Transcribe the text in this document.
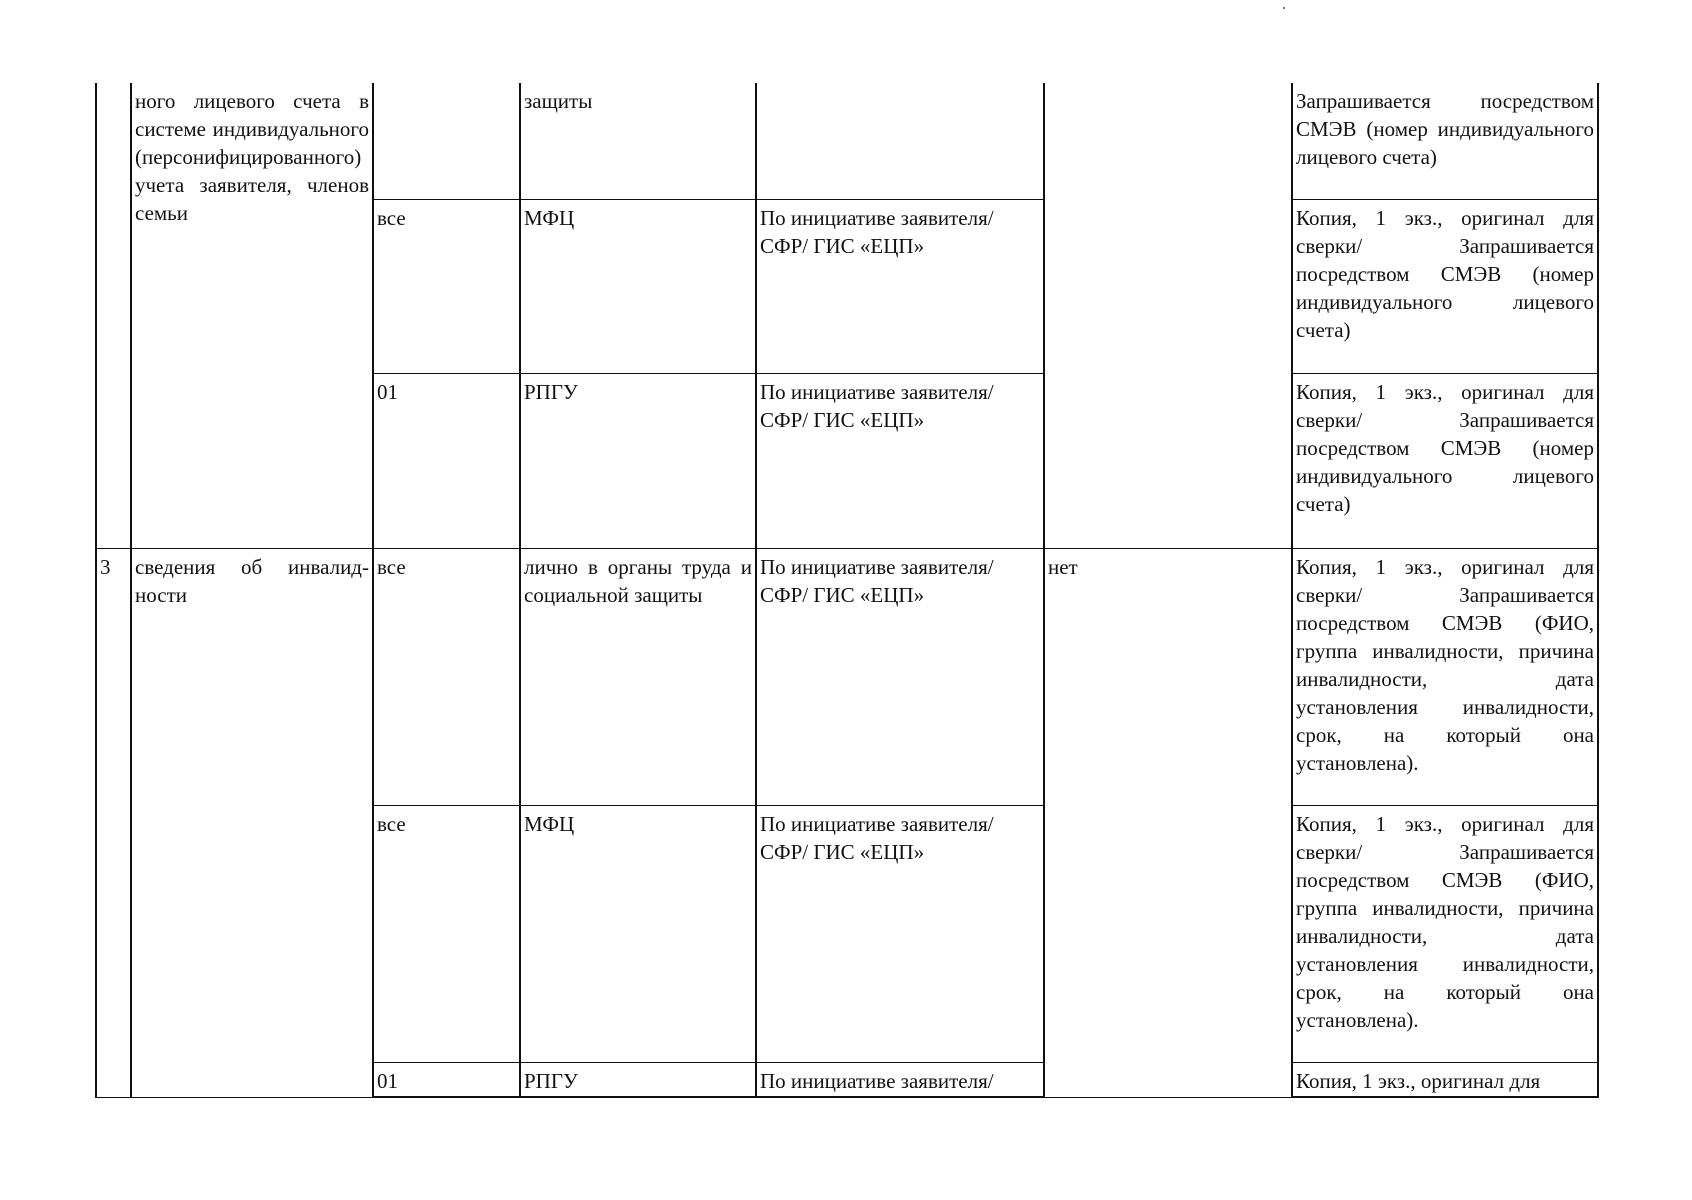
	ного лицевого счета в системе индивидуального (персонифицированного) учета заявителя, членов семьи		защиты			Запрашивается посредством СМЭВ (номер индивидуального лицевого счета)
		все	МФЦ	По инициативе заявителя/ СФР/ ГИС «ЕЦП»		Копия, 1 экз., оригинал для сверки/ Запрашивается посредством СМЭВ (номер индивидуального лицевого счета)
		01	РПГУ	По инициативе заявителя/ СФР/ ГИС «ЕЦП»		Копия, 1 экз., оригинал для сверки/ Запрашивается посредством СМЭВ (номер индивидуального лицевого счета)
3	сведения об инвалидности	все	лично в органы труда и социальной защиты	По инициативе заявителя/ СФР/ ГИС «ЕЦП»	нет	Копия, 1 экз., оригинал для сверки/ Запрашивается посредством СМЭВ (ФИО, группа инвалидности, причина инвалидности, дата установления инвалидности, срок, на который она установлена).
		все	МФЦ	По инициативе заявителя/ СФР/ ГИС «ЕЦП»		Копия, 1 экз., оригинал для сверки/ Запрашивается посредством СМЭВ (ФИО, группа инвалидности, причина инвалидности, дата установления инвалидности, срок, на который она установлена).
		01	РПГУ	По инициативе заявителя/		Копия, 1 экз., оригинал для
